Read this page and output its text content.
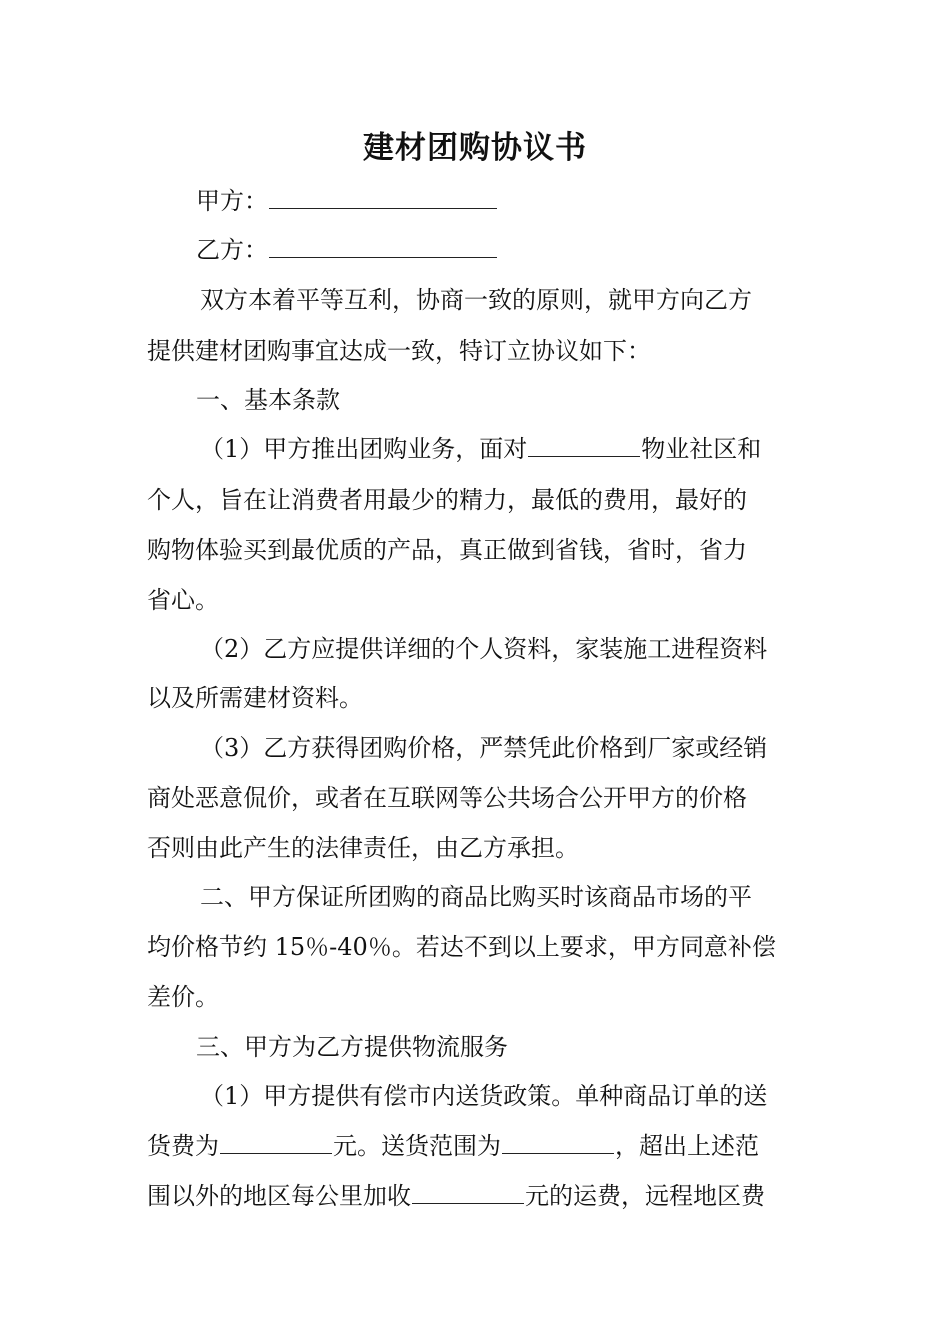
建材团购协议书
甲方：
乙方：
双方本着平等互利，协商一致的原则，就甲方向乙方
提供建材团购事宜达成一致，特订立协议如下：
一、基本条款
（1）甲方推出团购业务，面对	物业社区和
个人，旨在让消费者用最少的精力，最低的费用，最好的
购物体验买到最优质的产品，真正做到省钱，省时，省力
省心。
（2）乙方应提供详细的个人资料，家装施工进程资料
以及所需建材资料。
（3）乙方获得团购价格，严禁凭此价格到厂家或经销
商处恶意侃价，或者在互联网等公共场合公开甲方的价格
否则由此产生的法律责任，由乙方承担。
二、甲方保证所团购的商品比购买时该商品市场的平
均价格节约 15％-40％。若达不到以上要求，甲方同意补偿
差价。
三、甲方为乙方提供物流服务
（1）甲方提供有偿市内送货政策。单种商品订单的送
货费为	元。送货范围为	，超出上述范
围以外的地区每公里加收	元的运费，远程地区费
